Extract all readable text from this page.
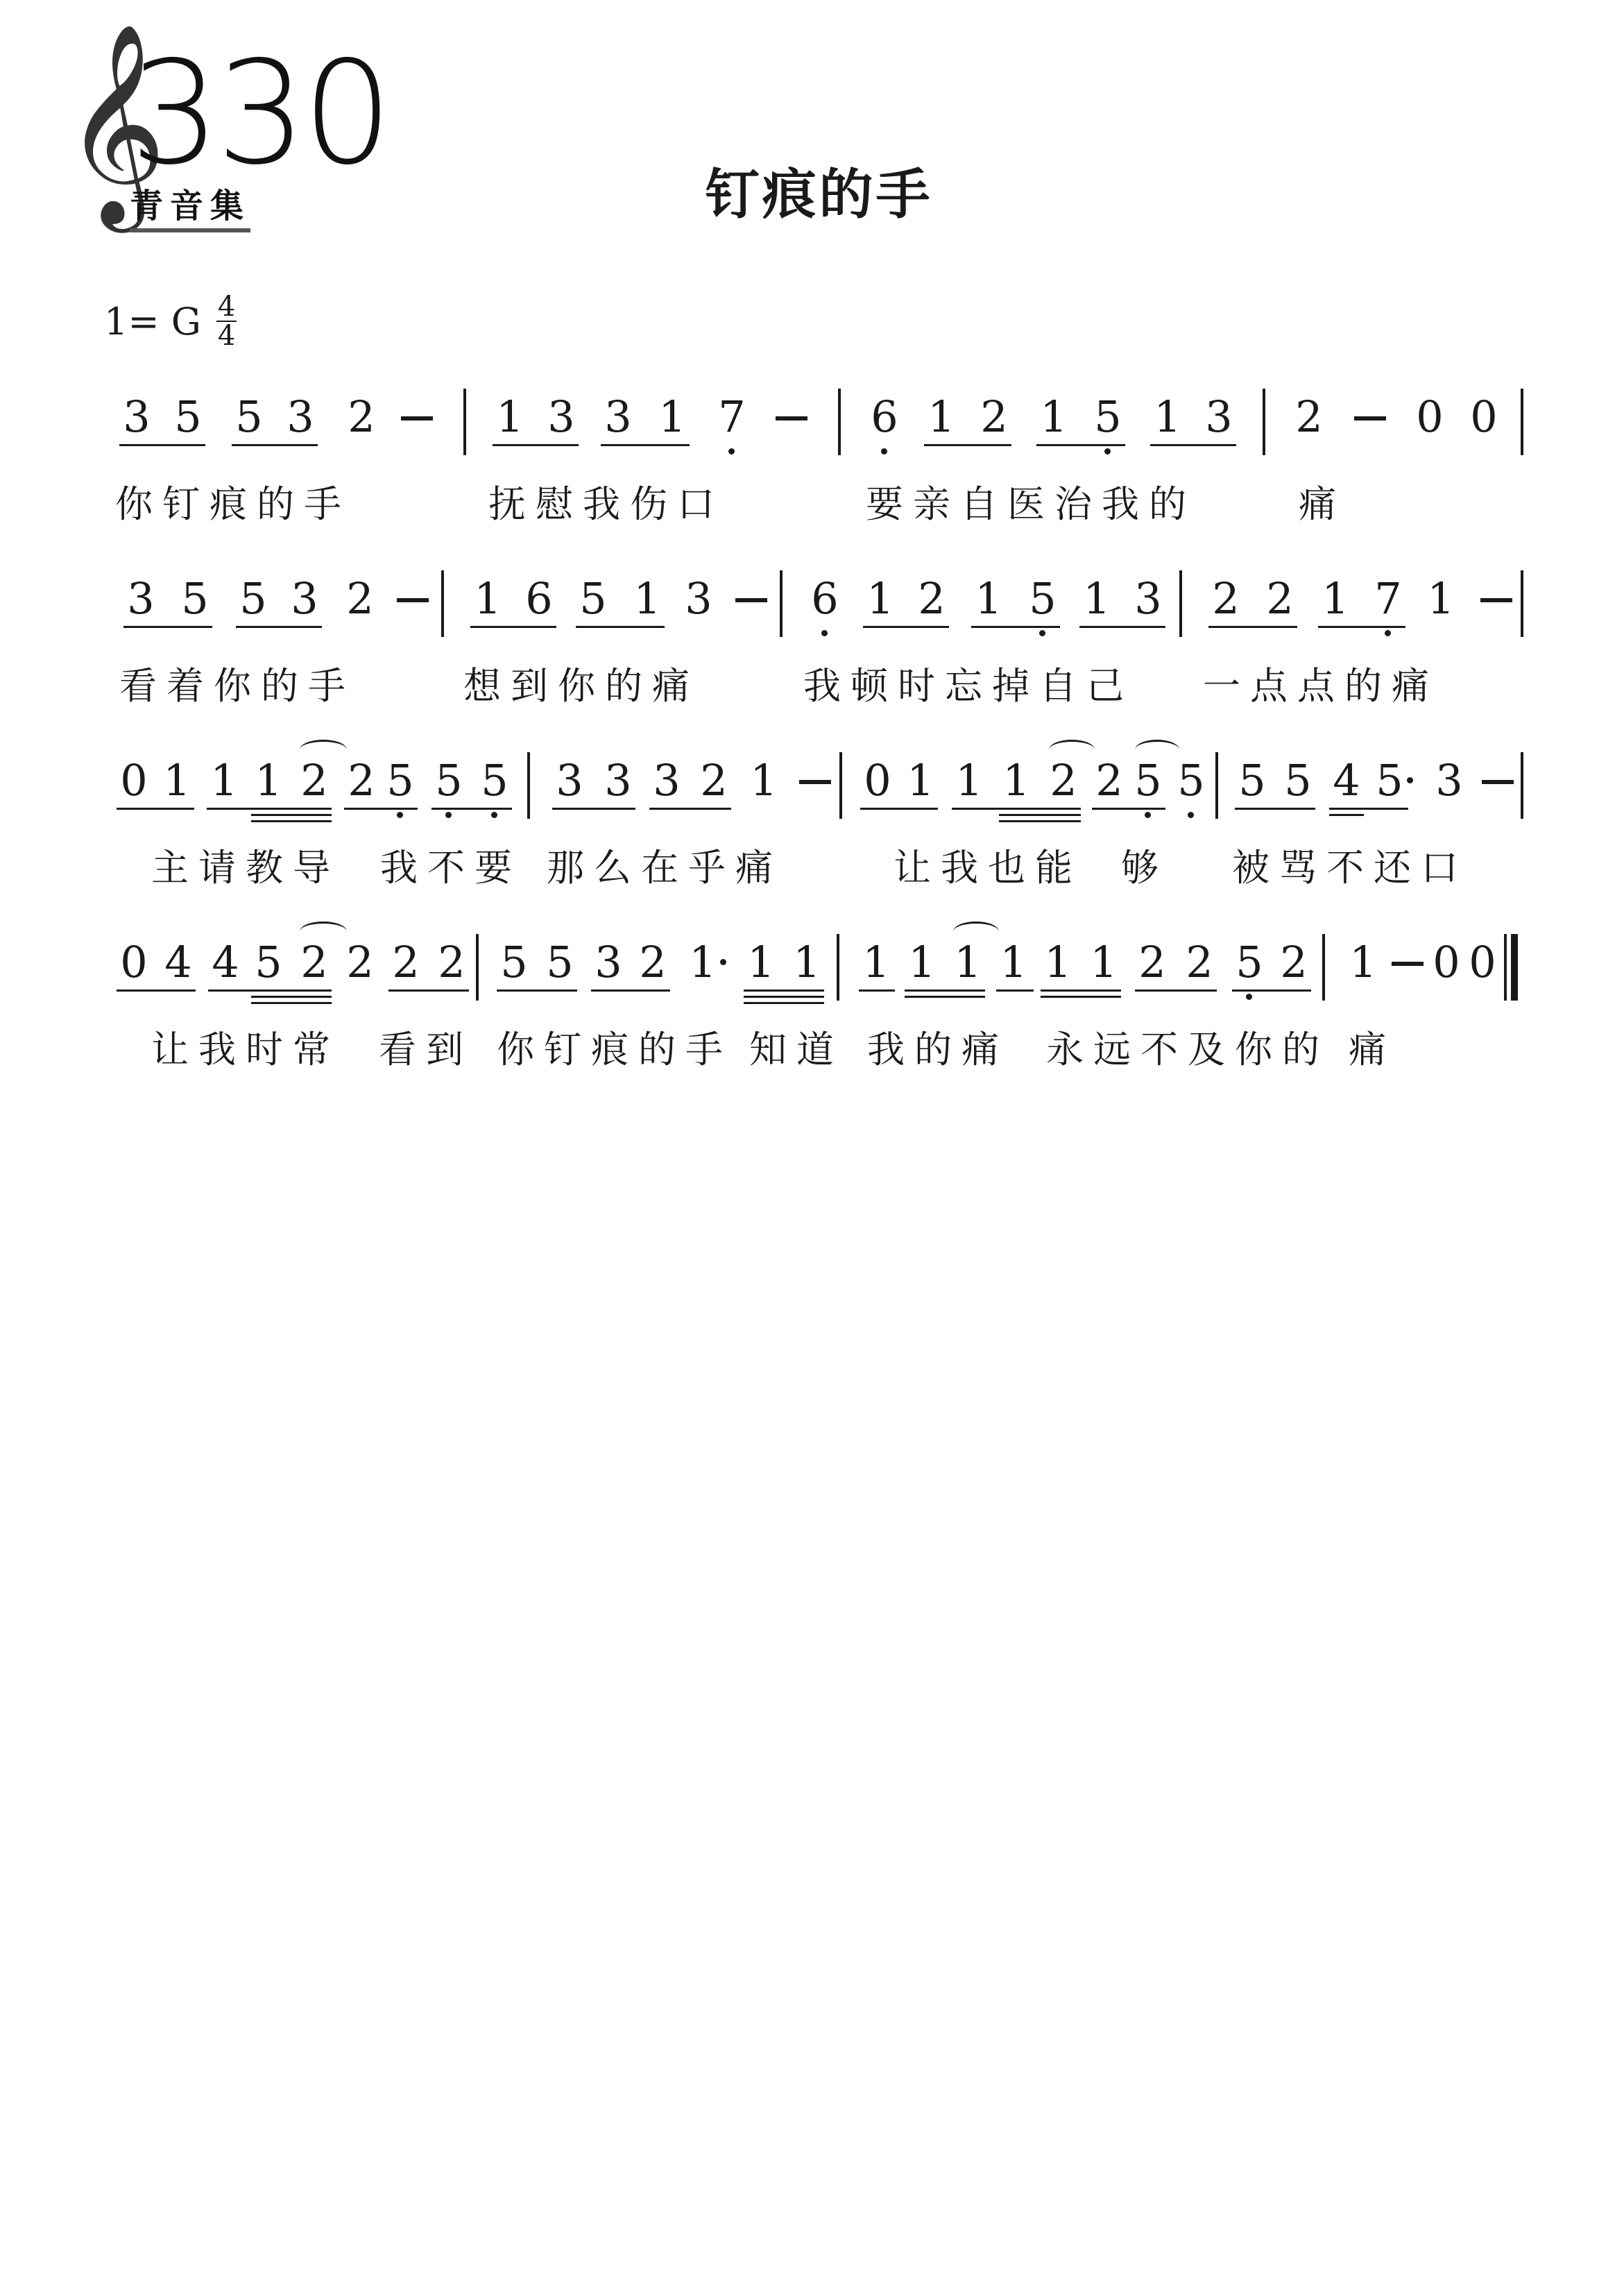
𝄞
330
青音集	钉痕的手
1= G $\frac{4}{4}$
3 5 5 3 2	1 3 3 1 7	6 1 2 1 5 1 3 2 0 0
你钉痕的手	抚慰我伤口	要亲自医治我的	痛
3 5 5 3 2 1 6 5 1 3 6 1 2 1 5 1 3 2 2 1 7 1
看着你的手	想到你的痛	我顿时忘掉自己 一点点的痛
0 1 1 1 2 2 5 5 5 3 3 3 2 1 0 1 1 1 2 2 5 5 5 5 4 5 3
主请教导 我不要 那么在乎痛	让我也能 够 被骂不还口
0 4 4 5 2 2 2 2 5 5 3 2 1 1 1 1 1 1 1 1 1 2 2 5 2 1 0 0
让我时常 看到 你钉痕的手 知道 我的痛 永远不及你的 痛
